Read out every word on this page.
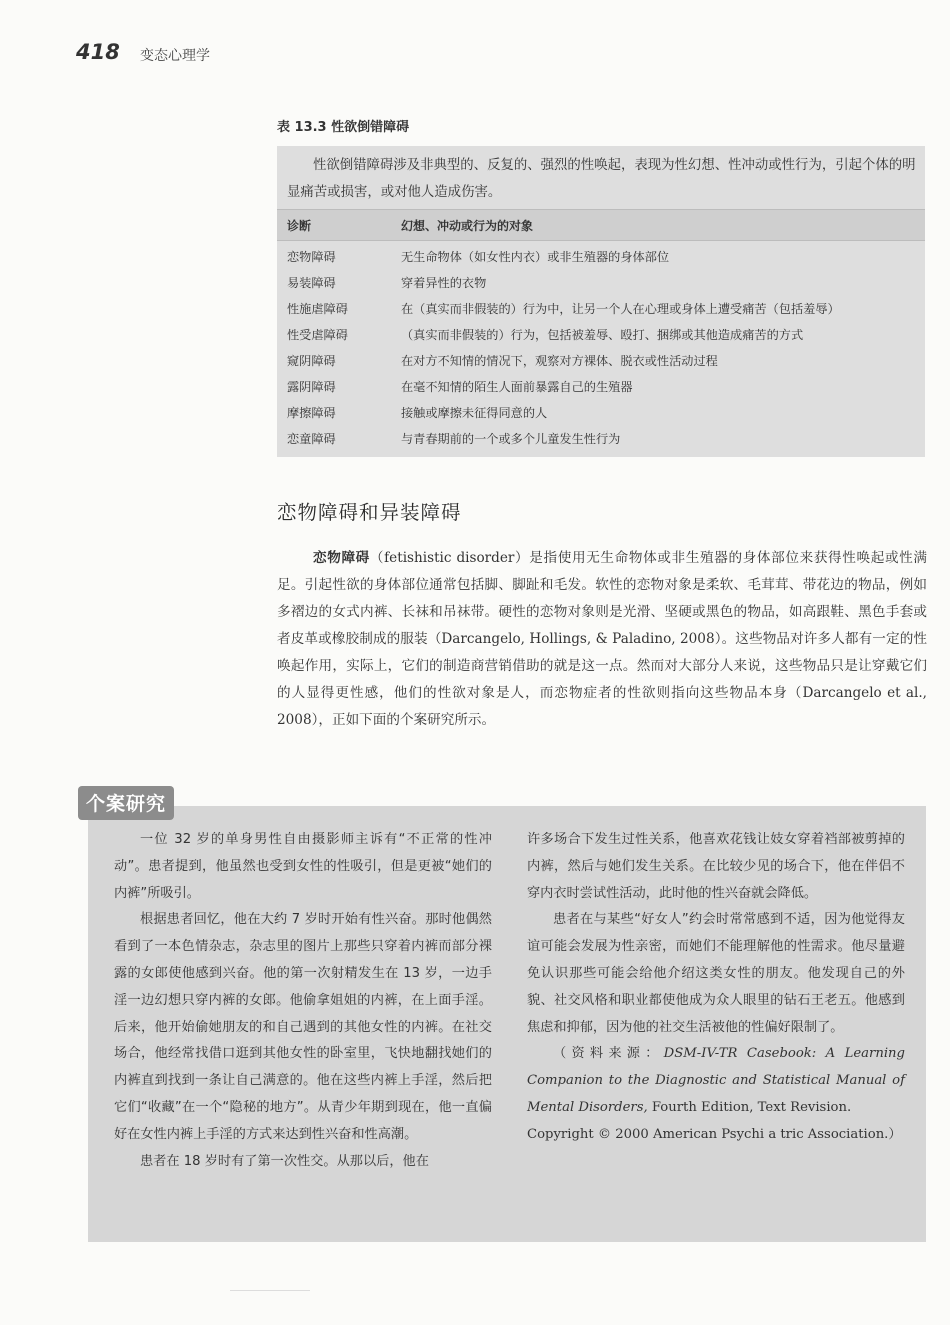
418 变态心理学
表 13.3 性欲倒错障碍
性欲倒错障碍涉及非典型的、反复的、强烈的性唤起，表现为性幻想、性冲动或性行为，引起个体的明显痛苦或损害，或对他人造成伤害。
诊断	幻想、冲动或行为的对象
恋物障碍	无生命物体（如女性内衣）或非生殖器的身体部位
易装障碍	穿着异性的衣物
性施虐障碍	在（真实而非假装的）行为中，让另一个人在心理或身体上遭受痛苦（包括羞辱）
性受虐障碍	（真实而非假装的）行为，包括被羞辱、殴打、捆绑或其他造成痛苦的方式
窥阴障碍	在对方不知情的情况下，观察对方裸体、脱衣或性活动过程
露阴障碍	在毫不知情的陌生人面前暴露自己的生殖器
摩擦障碍	接触或摩擦未征得同意的人
恋童障碍	与青春期前的一个或多个儿童发生性行为
恋物障碍和异装障碍
恋物障碍（fetishistic disorder）是指使用无生命物体或非生殖器的身体部位来获得性唤起或性满足。引起性欲的身体部位通常包括脚、脚趾和毛发。软性的恋物对象是柔软、毛茸茸、带花边的物品，例如多褶边的女式内裤、长袜和吊袜带。硬性的恋物对象则是光滑、坚硬或黑色的物品，如高跟鞋、黑色手套或者皮革或橡胶制成的服装（Darcangelo, Hollings, & Paladino, 2008）。这些物品对许多人都有一定的性唤起作用，实际上，它们的制造商营销借助的就是这一点。然而对大部分人来说，这些物品只是让穿戴它们的人显得更性感，他们的性欲对象是人，而恋物症者的性欲则指向这些物品本身（Darcangelo et al., 2008），正如下面的个案研究所示。
个案研究

一位 32 岁的单身男性自由摄影师主诉有“不正常的性冲动”。患者提到，他虽然也受到女性的性吸引，但是更被“她们的内裤”所吸引。

根据患者回忆，他在大约 7 岁时开始有性兴奋。那时他偶然看到了一本色情杂志，杂志里的图片上那些只穿着内裤而部分裸露的女郎使他感到兴奋。他的第一次射精发生在 13 岁，一边手淫一边幻想只穿内裤的女郎。他偷拿姐姐的内裤，在上面手淫。后来，他开始偷她朋友的和自己遇到的其他女性的内裤。在社交场合，他经常找借口逛到其他女性的卧室里，飞快地翻找她们的内裤直到找到一条让自己满意的。他在这些内裤上手淫，然后把它们“收藏”在一个“隐秘的地方”。从青少年期到现在，他一直偏好在女性内裤上手淫的方式来达到性兴奋和性高潮。

患者在 18 岁时有了第一次性交。从那以后，他在

许多场合下发生过性关系，他喜欢花钱让妓女穿着裆部被剪掉的内裤，然后与她们发生关系。在比较少见的场合下，他在伴侣不穿内衣时尝试性活动，此时他的性兴奋就会降低。

患者在与某些“好女人”约会时常常感到不适，因为他觉得友谊可能会发展为性亲密，而她们不能理解他的性需求。他尽量避免认识那些可能会给他介绍这类女性的朋友。他发现自己的外貌、社交风格和职业都使他成为众人眼里的钻石王老五。他感到焦虑和抑郁，因为他的社交生活被他的性偏好限制了。

（资料来源：DSM-IV-TR Casebook: A Learning Companion to the Diagnostic and Statistical Manual of Mental Disorders, Fourth Edition, Text Revision.

Copyright © 2000 American Psychi a tric Association.）
